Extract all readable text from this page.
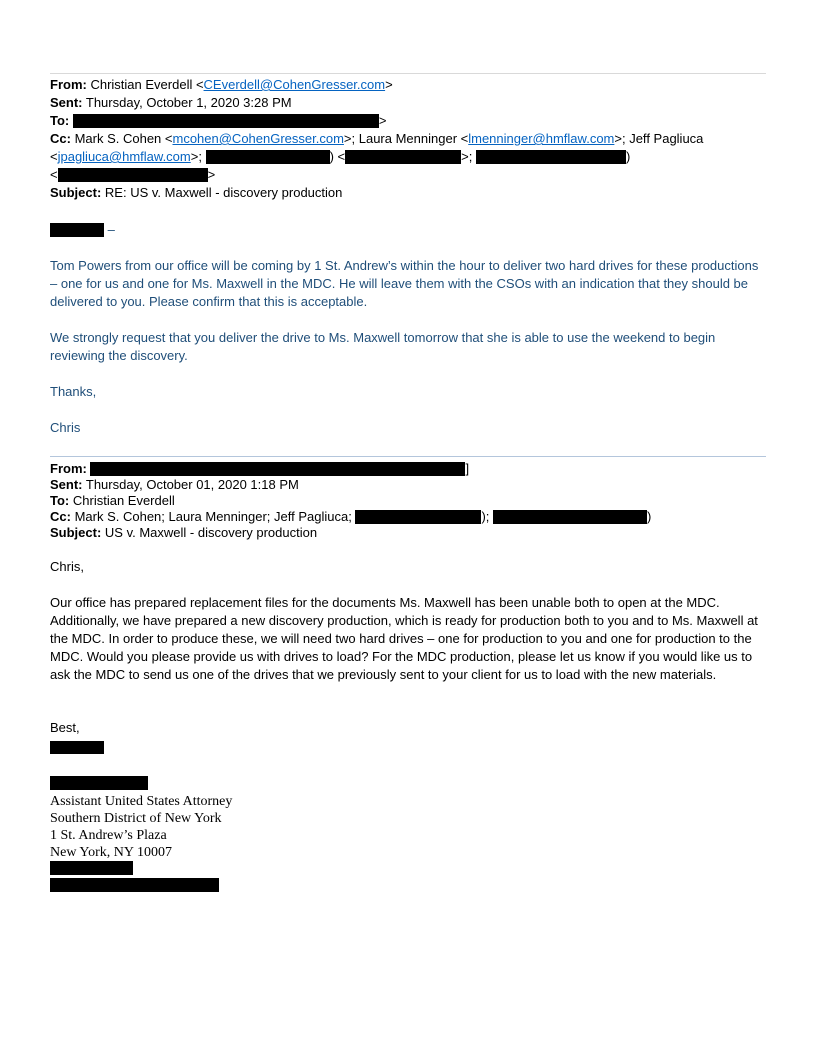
From: Christian Everdell <CEverdell@CohenGresser.com>
Sent: Thursday, October 1, 2020 3:28 PM
To:	>
Cc: Mark S. Cohen <mcohen@CohenGresser.com>; Laura Menninger <lmenninger@hmflaw.com>; Jeff Pagliuca
<jpagliuca@hmflaw.com>;	) <	>;	)
<	>
Subject: RE: US v. Maxwell - discovery production
–
Tom Powers from our office will be coming by 1 St. Andrew’s within the hour to deliver two hard drives for these productions – one for us and one for Ms. Maxwell in the MDC. He will leave them with the CSOs with an indication that they should be delivered to you. Please confirm that this is acceptable.
We strongly request that you deliver the drive to Ms. Maxwell tomorrow that she is able to use the weekend to begin reviewing the discovery.
Thanks,
Chris
From:	]
Sent: Thursday, October 01, 2020 1:18 PM
To: Christian Everdell
Cc: Mark S. Cohen; Laura Menninger; Jeff Pagliuca;	);	)
Subject: US v. Maxwell - discovery production
Chris,
Our office has prepared replacement files for the documents Ms. Maxwell has been unable both to open at the MDC. Additionally, we have prepared a new discovery production, which is ready for production both to you and to Ms. Maxwell at the MDC. In order to produce these, we will need two hard drives – one for production to you and one for production to the MDC. Would you please provide us with drives to load? For the MDC production, please let us know if you would like us to ask the MDC to send us one of the drives that we previously sent to your client for us to load with the new materials.
Best,
Assistant United States Attorney
Southern District of New York
1 St. Andrew’s Plaza
New York, NY 10007
